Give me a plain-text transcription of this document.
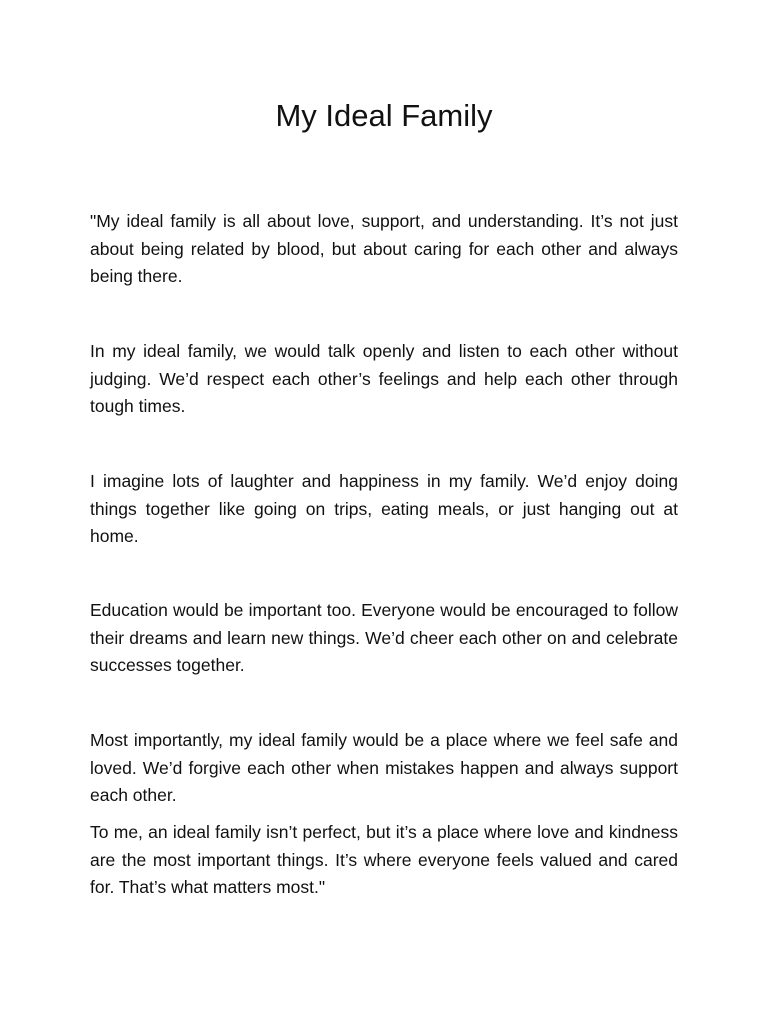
My Ideal Family

"My ideal family is all about love, support, and understanding. It’s not just about being related by blood, but about caring for each other and always being there.

In my ideal family, we would talk openly and listen to each other without judging. We’d respect each other’s feelings and help each other through tough times.

I imagine lots of laughter and happiness in my family. We’d enjoy doing things together like going on trips, eating meals, or just hanging out at home.

Education would be important too. Everyone would be encouraged to follow their dreams and learn new things. We’d cheer each other on and celebrate successes together.

Most importantly, my ideal family would be a place where we feel safe and loved. We’d forgive each other when mistakes happen and always support each other.

To me, an ideal family isn’t perfect, but it’s a place where love and kindness are the most important things. It’s where everyone feels valued and cared for. That’s what matters most."
